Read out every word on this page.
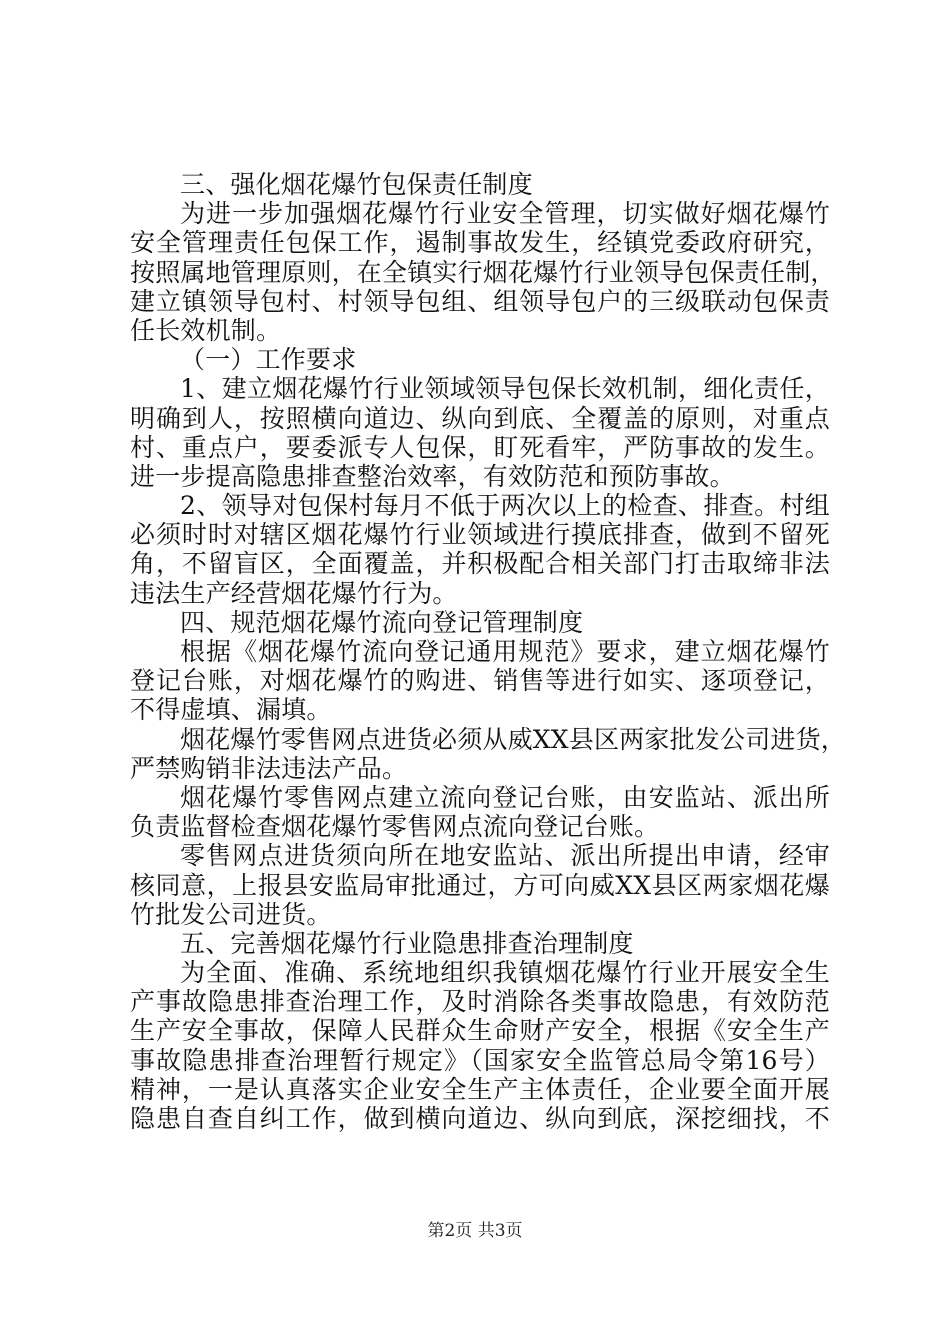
三、强化烟花爆竹包保责任制度
为进一步加强烟花爆竹行业安全管理，切实做好烟花爆竹
安全管理责任包保工作，遏制事故发生，经镇党委政府研究，
按照属地管理原则，在全镇实行烟花爆竹行业领导包保责任制，
建立镇领导包村、村领导包组、组领导包户的三级联动包保责
任长效机制。
（一）工作要求
1、建立烟花爆竹行业领域领导包保长效机制，细化责任，
明确到人，按照横向道边、纵向到底、全覆盖的原则，对重点
村、重点户，要委派专人包保，盯死看牢，严防事故的发生。
进一步提高隐患排查整治效率，有效防范和预防事故。
2、领导对包保村每月不低于两次以上的检查、排查。村组
必须时时对辖区烟花爆竹行业领域进行摸底排查，做到不留死
角，不留盲区，全面覆盖，并积极配合相关部门打击取缔非法
违法生产经营烟花爆竹行为。
四、规范烟花爆竹流向登记管理制度
根据《烟花爆竹流向登记通用规范》要求，建立烟花爆竹
登记台账，对烟花爆竹的购进、销售等进行如实、逐项登记，
不得虚填、漏填。
烟花爆竹零售网点进货必须从威XX县区两家批发公司进货，
严禁购销非法违法产品。
烟花爆竹零售网点建立流向登记台账，由安监站、派出所
负责监督检查烟花爆竹零售网点流向登记台账。
零售网点进货须向所在地安监站、派出所提出申请，经审
核同意，上报县安监局审批通过，方可向威XX县区两家烟花爆
竹批发公司进货。
五、完善烟花爆竹行业隐患排查治理制度
为全面、准确、系统地组织我镇烟花爆竹行业开展安全生
产事故隐患排查治理工作，及时消除各类事故隐患，有效防范
生产安全事故，保障人民群众生命财产安全，根据《安全生产
事故隐患排查治理暂行规定》（国家安全监管总局令第16号）
精神，一是认真落实企业安全生产主体责任，企业要全面开展
隐患自查自纠工作，做到横向道边、纵向到底，深挖细找，不
第2页 共3页
